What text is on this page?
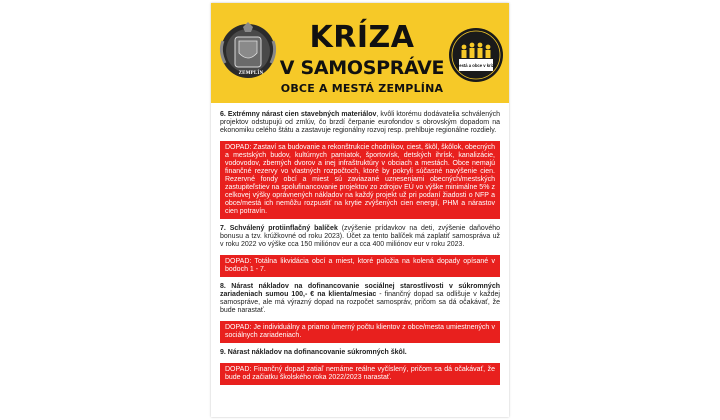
ZEMPLÍN
KRÍZA
V SAMOSPRÁVE
OBCE A MESTÁ ZEMPLÍNA
Mestá a obce v kríze

6. Extrémny nárast cien stavebných materiálov, kvôli ktorému dodávatelia schválených projektov odstupujú od zmlúv, čo brzdí čerpanie eurofondov s obrovským dopadom na ekonomiku celého štátu a zastavuje regionálny rozvoj resp. prehlbuje regionálne rozdiely.

DOPAD: Zastaví sa budovanie a rekonštrukcie chodníkov, ciest, škôl, škôlok, obecných a mestských budov, kultúrnych pamiatok, športovísk, detských ihrísk, kanalizácie, vodovodov, zberných dvorov a inej infraštruktúry v obciach a mestách. Obce nemajú finančné rezervy vo vlastných rozpočtoch, ktoré by pokryli súčasné navýšenie cien. Rezervné fondy obcí a miest sú zaviazané uzneseniami obecných/mestských zastupiteľstiev na spolufinancovanie projektov zo zdrojov EÚ vo výške minimálne 5% z celkovej výšky oprávnených nákladov na každý projekt už pri podaní žiadosti o NFP a obce/mestá ich nemôžu rozpustiť na krytie zvýšených cien energií, PHM a nárastov cien potravín.

7. Schválený protiinflačný balíček (zvýšenie prídavkov na deti, zvýšenie daňového bonusu a tzv. krúžkovné od roku 2023). Účet za tento balíček má zaplatiť samospráva už v roku 2022 vo výške cca 150 miliónov eur a cca 400 miliónov eur v roku 2023.

DOPAD: Totálna likvidácia obcí a miest, ktoré položia na kolená dopady opísané v bodoch 1 - 7.

8. Nárast nákladov na dofinancovanie sociálnej starostlivosti v súkromných zariadeniach sumou 100,- € na klienta/mesiac - finančný dopad sa odlišuje v každej samospráve, ale má výrazný dopad na rozpočet samospráv, pričom sa dá očakávať, že bude narastať.

DOPAD: Je individuálny a priamo úmerný počtu klientov z obce/mesta umiestnených v sociálnych zariadeniach.

9. Nárast nákladov na dofinancovanie súkromných škôl.

DOPAD: Finančný dopad zatiaľ nemáme reálne vyčíslený, pričom sa dá očakávať, že bude od začiatku školského roka 2022/2023 narastať.
